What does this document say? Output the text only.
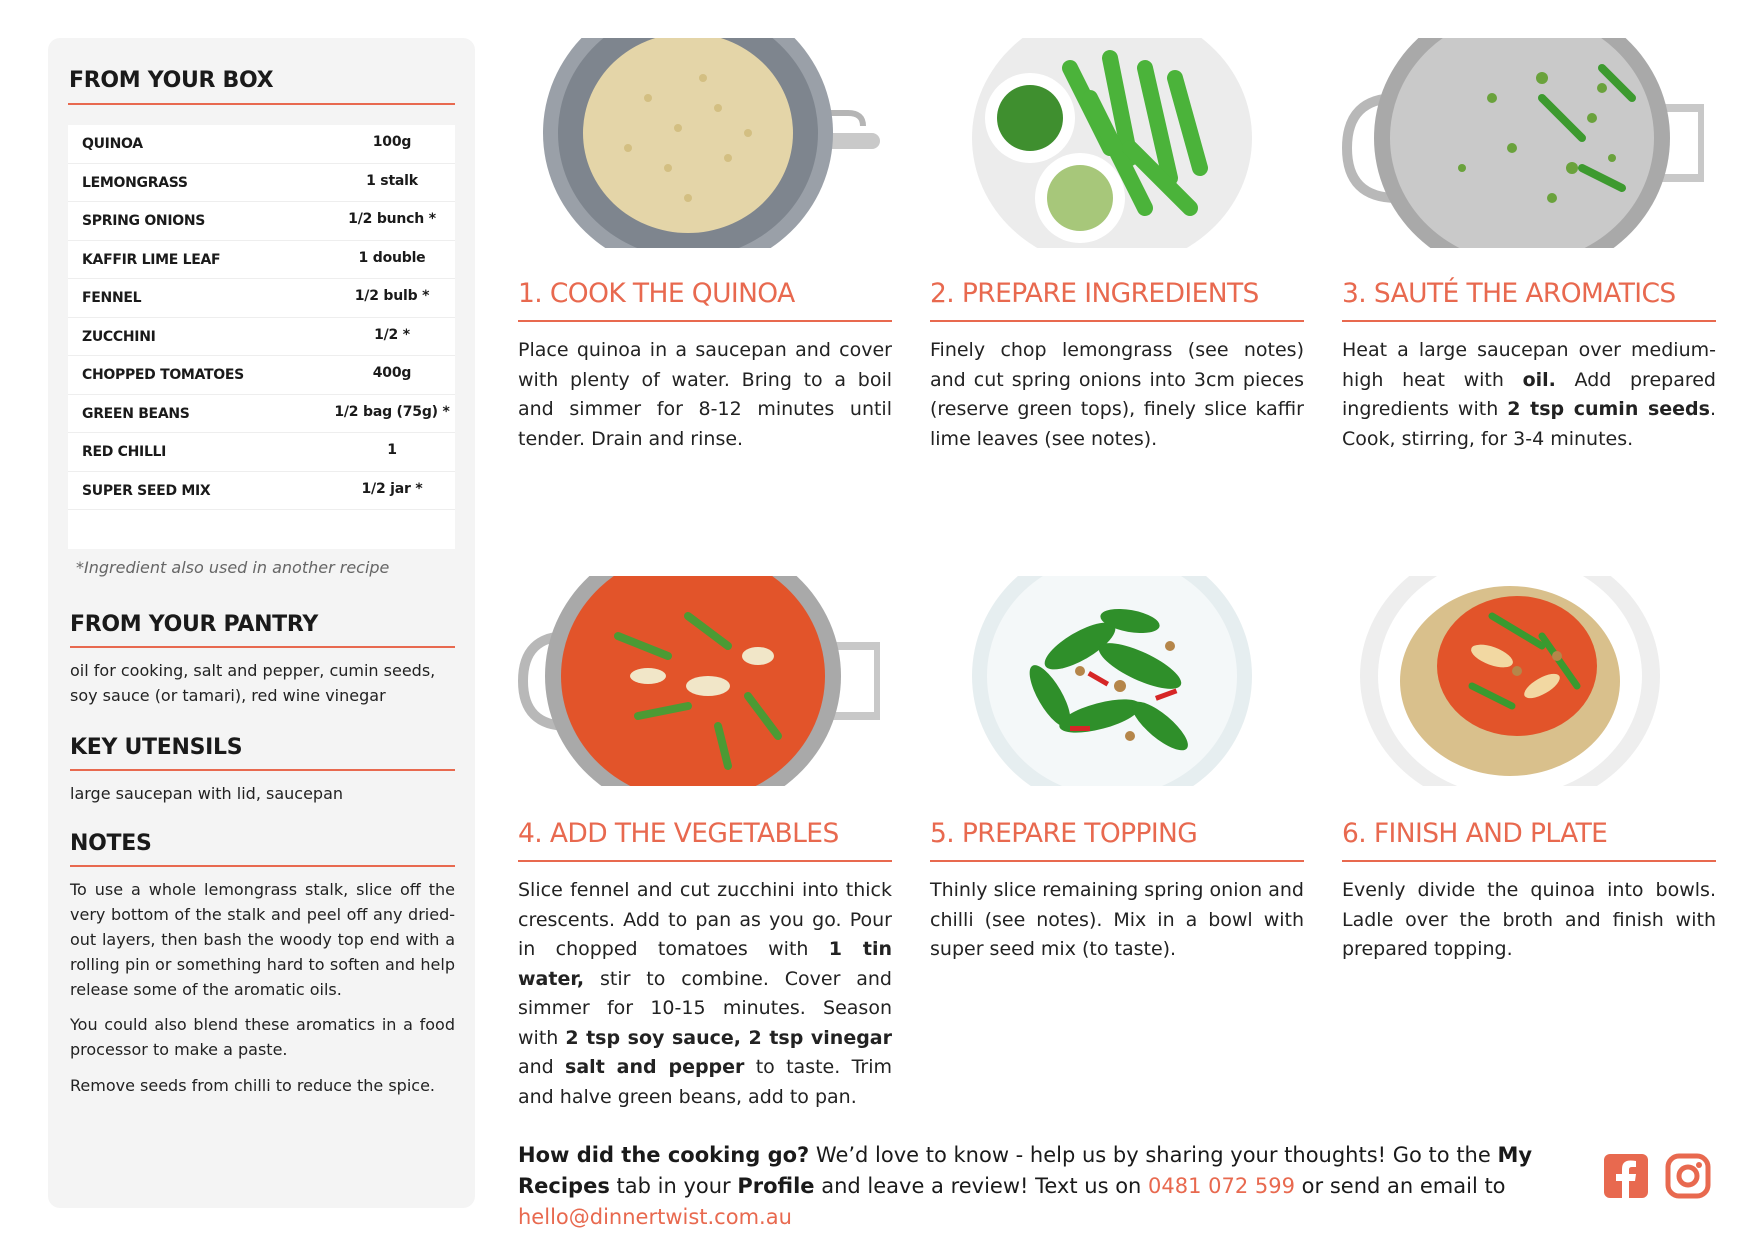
FROM YOUR BOX
QUINOA	100g
LEMONGRASS	1 stalk
SPRING ONIONS	1/2 bunch *
KAFFIR LIME LEAF	1 double
FENNEL	1/2 bulb *
ZUCCHINI	1/2 *
CHOPPED TOMATOES	400g
GREEN BEANS	1/2 bag (75g) *
RED CHILLI	1
SUPER SEED MIX	1/2 jar *
*Ingredient also used in another recipe
FROM YOUR PANTRY
oil for cooking, salt and pepper, cumin seeds, soy sauce (or tamari), red wine vinegar
KEY UTENSILS
large saucepan with lid, saucepan
NOTES
To use a whole lemongrass stalk, slice off the very bottom of the stalk and peel off any dried-out layers, then bash the woody top end with a rolling pin or something hard to soften and help release some of the aromatic oils.
You could also blend these aromatics in a food processor to make a paste.
Remove seeds from chilli to reduce the spice.
1. COOK THE QUINOA
Place quinoa in a saucepan and cover with plenty of water. Bring to a boil and simmer for 8-12 minutes until tender. Drain and rinse.
2. PREPARE INGREDIENTS
Finely chop lemongrass (see notes) and cut spring onions into 3cm pieces (reserve green tops), finely slice kaffir lime leaves (see notes).
3. SAUTÉ THE AROMATICS
Heat a large saucepan over medium-high heat with oil. Add prepared ingredients with 2 tsp cumin seeds. Cook, stirring, for 3-4 minutes.
4. ADD THE VEGETABLES
Slice fennel and cut zucchini into thick crescents. Add to pan as you go. Pour in chopped tomatoes with 1 tin water, stir to combine. Cover and simmer for 10-15 minutes. Season with 2 tsp soy sauce, 2 tsp vinegar and salt and pepper to taste. Trim and halve green beans, add to pan.
5. PREPARE TOPPING
Thinly slice remaining spring onion and chilli (see notes). Mix in a bowl with super seed mix (to taste).
6. FINISH AND PLATE
Evenly divide the quinoa into bowls. Ladle over the broth and finish with prepared topping.
How did the cooking go? We’d love to know - help us by sharing your thoughts! Go to the My Recipes tab in your Profile and leave a review! Text us on 0481 072 599 or send an email to hello@dinnertwist.com.au
